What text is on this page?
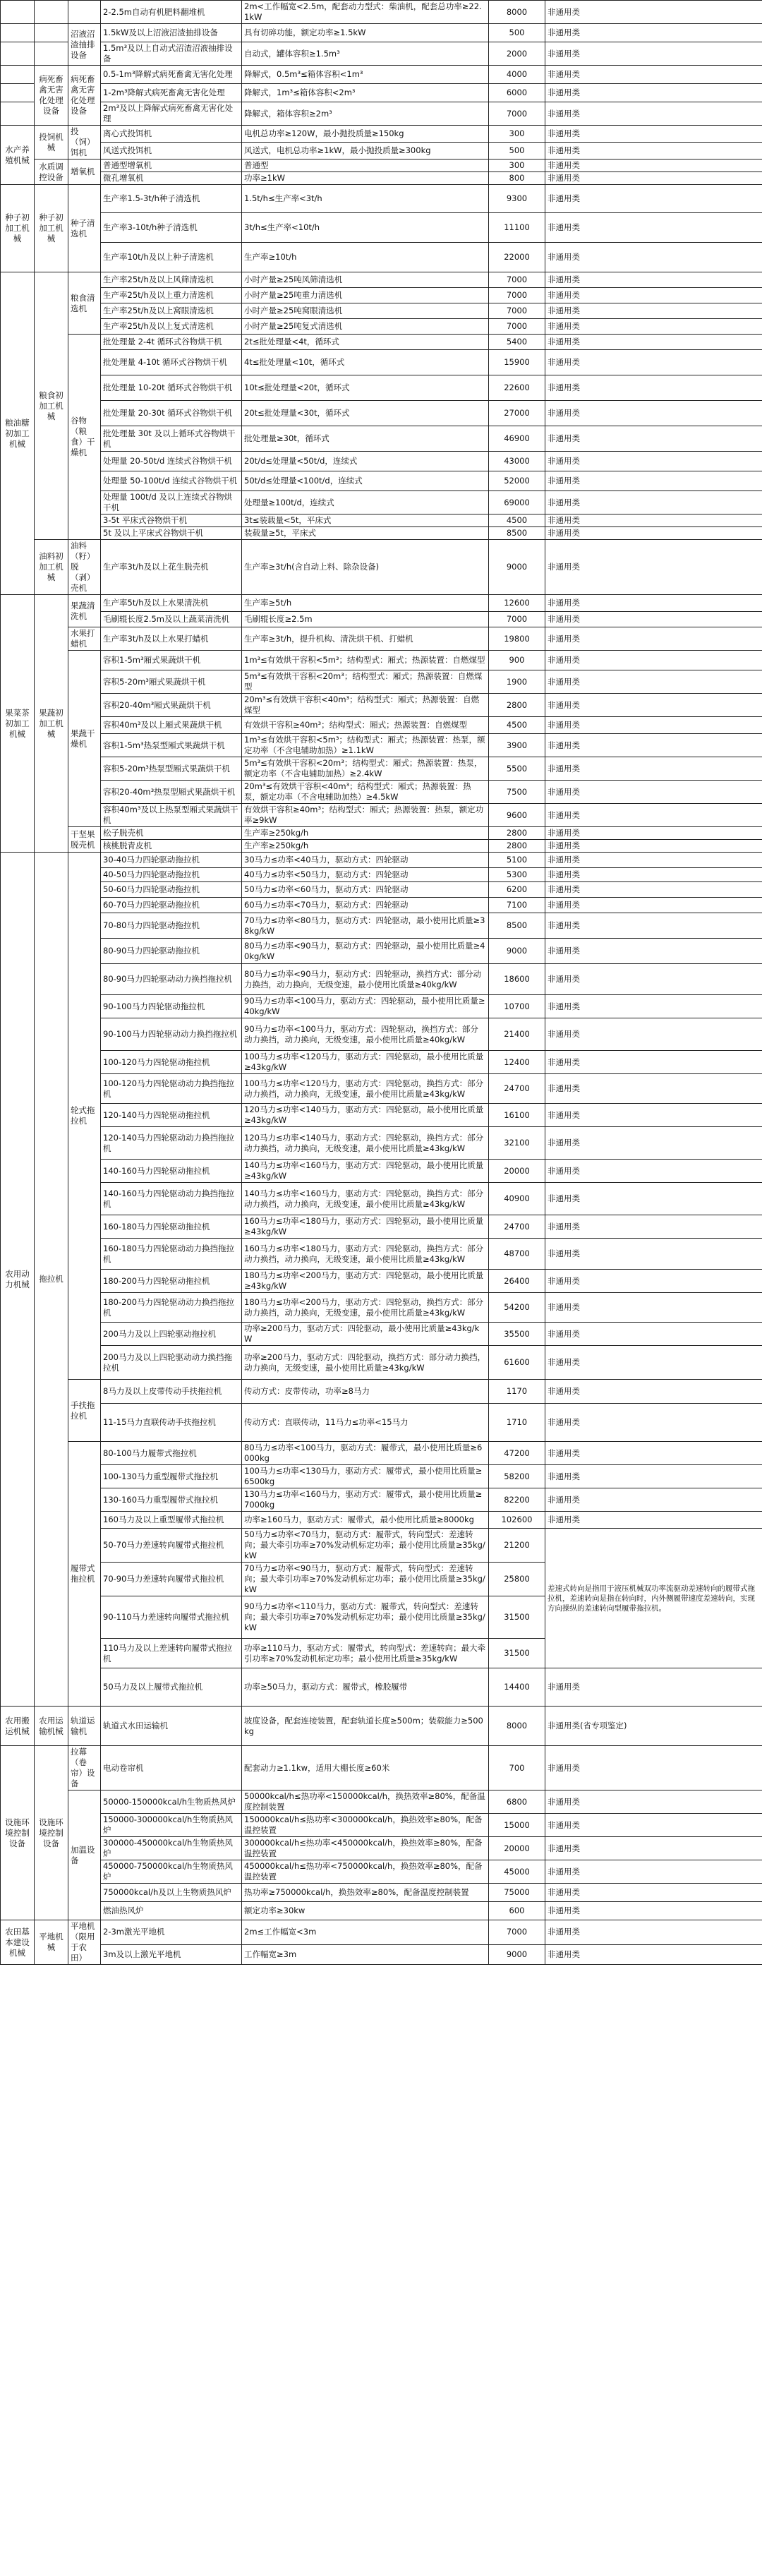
			2-2.5m自动有机肥料翻堆机	2m<工作幅宽<2.5m，配套动力型式：柴油机，配套总功率≥22.1kW	8000	非通用类
		沼液沼渣抽排设备	1.5kW及以上沼液沼渣抽排设备	具有切碎功能，额定功率≥1.5kW	500	非通用类
			1.5m³及以上自动式沼渣沼液抽排设备	自动式，罐体容积≥1.5m³	2000	非通用类
	病死畜禽无害化处理设备	病死畜禽无害化处理设备	0.5-1m³降解式病死畜禽无害化处理	降解式，0.5m³≤箱体容积<1m³	4000	非通用类
			1-2m³降解式病死畜禽无害化处理	降解式，1m³≤箱体容积<2m³	6000	非通用类
			2m³及以上降解式病死畜禽无害化处理	降解式，箱体容积≥2m³	7000	非通用类
水产养殖机械	投饲机械	投（饲）饵机	离心式投饵机	电机总功率≥120W，最小抛投质量≥150kg	300	非通用类
			风送式投饵机	风送式，电机总功率≥1kW，最小抛投质量≥300kg	500	非通用类
	水质调控设备	增氧机	普通型增氧机	普通型	300	非通用类
			微孔增氧机	功率≥1kW	800	非通用类
种子初加工机械	种子初加工机械	种子清选机	生产率1.5-3t/h种子清选机	1.5t/h≤生产率<3t/h	9300	非通用类
			生产率3-10t/h种子清选机	3t/h≤生产率<10t/h	11100	非通用类
			生产率10t/h及以上种子清选机	生产率≥10t/h	22000	非通用类
粮油糖初加工机械	粮食初加工机械	粮食清选机	生产率25t/h及以上风筛清选机	小时产量≥25吨风筛清选机	7000	非通用类
			生产率25t/h及以上重力清选机	小时产量≥25吨重力清选机	7000	非通用类
			生产率25t/h及以上窝眼清选机	小时产量≥25吨窝眼清选机	7000	非通用类
			生产率25t/h及以上复式清选机	小时产量≥25吨复式清选机	7000	非通用类
		谷物（粮食）干燥机	批处理量 2-4t 循环式谷物烘干机	2t≤批处理量<4t，循环式	5400	非通用类
			批处理量 4-10t 循环式谷物烘干机	4t≤批处理量<10t，循环式	15900	非通用类
			批处理量 10-20t 循环式谷物烘干机	10t≤批处理量<20t，循环式	22600	非通用类
			批处理量 20-30t 循环式谷物烘干机	20t≤批处理量<30t，循环式	27000	非通用类
			批处理量 30t 及以上循环式谷物烘干机	批处理量≥30t，循环式	46900	非通用类
			处理量 20-50t/d 连续式谷物烘干机	20t/d≤处理量<50t/d，连续式	43000	非通用类
			处理量 50-100t/d 连续式谷物烘干机	50t/d≤处理量<100t/d，连续式	52000	非通用类
			处理量 100t/d 及以上连续式谷物烘干机	处理量≥100t/d，连续式	69000	非通用类
			3-5t 平床式谷物烘干机	3t≤装载量<5t，平床式	4500	非通用类
			5t 及以上平床式谷物烘干机	装载量≥5t，平床式	8500	非通用类
	油料初加工机械	油料（籽）脱（剥）壳机	生产率3t/h及以上花生脱壳机	生产率≥3t/h(含自动上料、除杂设备)	9000	非通用类
果菜茶初加工机械	果蔬初加工机械	果蔬清洗机	生产率5t/h及以上水果清洗机	生产率≥5t/h	12600	非通用类
			毛刷辊长度2.5m及以上蔬菜清洗机	毛刷辊长度≥2.5m	7000	非通用类
		水果打蜡机	生产率3t/h及以上水果打蜡机	生产率≥3t/h，提升机构、清洗烘干机、打蜡机	19800	非通用类
		果蔬干燥机	容积1-5m³厢式果蔬烘干机	1m³≤有效烘干容积<5m³；结构型式：厢式；热源装置：自燃煤型	900	非通用类
			容积5-20m³厢式果蔬烘干机	5m³≤有效烘干容积<20m³；结构型式：厢式；热源装置：自燃煤型	1900	非通用类
			容积20-40m³厢式果蔬烘干机	20m³≤有效烘干容积<40m³；结构型式：厢式；热源装置：自燃煤型	2800	非通用类
			容积40m³及以上厢式果蔬烘干机	有效烘干容积≥40m³；结构型式：厢式；热源装置：自燃煤型	4500	非通用类
			容积1-5m³热泵型厢式果蔬烘干机	1m³≤有效烘干容积<5m³；结构型式：厢式；热源装置：热泵，额定功率（不含电辅助加热）≥1.1kW	3900	非通用类
			容积5-20m³热泵型厢式果蔬烘干机	5m³≤有效烘干容积<20m³；结构型式：厢式；热源装置：热泵，额定功率（不含电辅助加热）≥2.4kW	5500	非通用类
			容积20-40m³热泵型厢式果蔬烘干机	20m³≤有效烘干容积<40m³；结构型式：厢式；热源装置：热泵，额定功率（不含电辅助加热）≥4.5kW	7500	非通用类
			容积40m³及以上热泵型厢式果蔬烘干机	有效烘干容积≥40m³；结构型式：厢式；热源装置：热泵，额定功率≥9kW	9600	非通用类
		干坚果脱壳机	松子脱壳机	生产率≥250kg/h	2800	非通用类
			核桃脱青皮机	生产率≥250kg/h	2800	非通用类
农用动力机械	拖拉机	轮式拖拉机	30-40马力四轮驱动拖拉机	30马力≤功率<40马力，驱动方式：四轮驱动	5100	非通用类
			40-50马力四轮驱动拖拉机	40马力≤功率<50马力，驱动方式：四轮驱动	5300	非通用类
			50-60马力四轮驱动拖拉机	50马力≤功率<60马力，驱动方式：四轮驱动	6200	非通用类
			60-70马力四轮驱动拖拉机	60马力≤功率<70马力，驱动方式：四轮驱动	7100	非通用类
			70-80马力四轮驱动拖拉机	70马力≤功率<80马力，驱动方式：四轮驱动，最小使用比质量≥38kg/kW	8500	非通用类
			80-90马力四轮驱动拖拉机	80马力≤功率<90马力，驱动方式：四轮驱动，最小使用比质量≥40kg/kW	9000	非通用类
			80-90马力四轮驱动动力换挡拖拉机	80马力≤功率<90马力，驱动方式：四轮驱动，换挡方式：部分动力换挡，动力换向，无级变速，最小使用比质量≥40kg/kW	18600	非通用类
			90-100马力四轮驱动拖拉机	90马力≤功率<100马力，驱动方式：四轮驱动，最小使用比质量≥40kg/kW	10700	非通用类
			90-100马力四轮驱动动力换挡拖拉机	90马力≤功率<100马力，驱动方式：四轮驱动，换挡方式：部分动力换挡，动力换向，无级变速，最小使用比质量≥40kg/kW	21400	非通用类
			100-120马力四轮驱动拖拉机	100马力≤功率<120马力，驱动方式：四轮驱动，最小使用比质量≥43kg/kW	12400	非通用类
			100-120马力四轮驱动动力换挡拖拉机	100马力≤功率<120马力，驱动方式：四轮驱动，换挡方式：部分动力换挡，动力换向，无级变速，最小使用比质量≥43kg/kW	24700	非通用类
			120-140马力四轮驱动拖拉机	120马力≤功率<140马力，驱动方式：四轮驱动，最小使用比质量≥43kg/kW	16100	非通用类
			120-140马力四轮驱动动力换挡拖拉机	120马力≤功率<140马力，驱动方式：四轮驱动，换挡方式：部分动力换挡，动力换向，无级变速，最小使用比质量≥43kg/kW	32100	非通用类
			140-160马力四轮驱动拖拉机	140马力≤功率<160马力，驱动方式：四轮驱动，最小使用比质量≥43kg/kW	20000	非通用类
			140-160马力四轮驱动动力换挡拖拉机	140马力≤功率<160马力，驱动方式：四轮驱动，换挡方式：部分动力换挡，动力换向，无级变速，最小使用比质量≥43kg/kW	40900	非通用类
			160-180马力四轮驱动拖拉机	160马力≤功率<180马力，驱动方式：四轮驱动，最小使用比质量≥43kg/kW	24700	非通用类
			160-180马力四轮驱动动力换挡拖拉机	160马力≤功率<180马力，驱动方式：四轮驱动，换挡方式：部分动力换挡，动力换向，无级变速，最小使用比质量≥43kg/kW	48700	非通用类
			180-200马力四轮驱动拖拉机	180马力≤功率<200马力，驱动方式：四轮驱动，最小使用比质量≥43kg/kW	26400	非通用类
			180-200马力四轮驱动动力换挡拖拉机	180马力≤功率<200马力，驱动方式：四轮驱动，换挡方式：部分动力换挡，动力换向，无级变速，最小使用比质量≥43kg/kW	54200	非通用类
			200马力及以上四轮驱动拖拉机	功率≥200马力，驱动方式：四轮驱动，最小使用比质量≥43kg/kW	35500	非通用类
			200马力及以上四轮驱动动力换挡拖拉机	功率≥200马力，驱动方式：四轮驱动，换挡方式：部分动力换挡，动力换向，无级变速，最小使用比质量≥43kg/kW	61600	非通用类
		手扶拖拉机	8马力及以上皮带传动手扶拖拉机	传动方式：皮带传动，功率≥8马力	1170	非通用类
			11-15马力直联传动手扶拖拉机	传动方式：直联传动，11马力≤功率<15马力	1710	非通用类
		履带式拖拉机	80-100马力履带式拖拉机	80马力≤功率<100马力，驱动方式：履带式，最小使用比质量≥6000kg	47200	非通用类
			100-130马力重型履带式拖拉机	100马力≤功率<130马力，驱动方式：履带式，最小使用比质量≥6500kg	58200	非通用类
			130-160马力重型履带式拖拉机	130马力≤功率<160马力，驱动方式：履带式，最小使用比质量≥7000kg	82200	非通用类
			160马力及以上重型履带式拖拉机	功率≥160马力，驱动方式：履带式，最小使用比质量≥8000kg	102600	非通用类
			50-70马力差速转向履带式拖拉机	50马力≤功率<70马力，驱动方式：履带式，转向型式：差速转向；最大牵引功率≥70%发动机标定功率；最小使用比质量≥35kg/kW	21200	差速式转向是指用于液压机械双功率流驱动差速转向的履带式拖拉机，差速转向是指在转向时，内外侧履带速度差速转向，实现方向操纵的差速转向型履带拖拉机。
			70-90马力差速转向履带式拖拉机	70马力≤功率<90马力，驱动方式：履带式，转向型式：差速转向；最大牵引功率≥70%发动机标定功率；最小使用比质量≥35kg/kW	25800	
			90-110马力差速转向履带式拖拉机	90马力≤功率<110马力，驱动方式：履带式，转向型式：差速转向；最大牵引功率≥70%发动机标定功率；最小使用比质量≥35kg/kW	31500	
			110马力及以上差速转向履带式拖拉机	功率≥110马力，驱动方式：履带式，转向型式：差速转向；最大牵引功率≥70%发动机标定功率；最小使用比质量≥35kg/kW	31500	
			50马力及以上履带式拖拉机	功率≥50马力，驱动方式：履带式，橡胶履带	14400	非通用类
农用搬运机械	农用运输机械	轨道运输机	轨道式水田运输机	坡度设备，配套连接装置，配套轨道长度≥500m；装载能力≥500kg	8000	非通用类(省专项鉴定)
设施环境控制设备	设施环境控制设备	拉幕（卷帘）设备	电动卷帘机	配套动力≥1.1kw，适用大棚长度≥60米	700	非通用类
		加温设备	50000-150000kcal/h生物质热风炉	50000kcal/h≤热功率<150000kcal/h，换热效率≥80%，配备温度控制装置	6800	非通用类
			150000-300000kcal/h生物质热风炉	150000kcal/h≤热功率<300000kcal/h，换热效率≥80%，配备温控装置	15000	非通用类
			300000-450000kcal/h生物质热风炉	300000kcal/h≤热功率<450000kcal/h，换热效率≥80%，配备温控装置	20000	非通用类
			450000-750000kcal/h生物质热风炉	450000kcal/h≤热功率<750000kcal/h，换热效率≥80%，配备温控装置	45000	非通用类
			750000kcal/h及以上生物质热风炉	热功率≥750000kcal/h，换热效率≥80%，配备温度控制装置	75000	非通用类
			燃油热风炉	额定功率≥30kw	600	非通用类
农田基本建设机械	平地机械	平地机（限用于农田）	2-3m激光平地机	2m≤工作幅宽<3m	7000	非通用类
			3m及以上激光平地机	工作幅宽≥3m	9000	非通用类
